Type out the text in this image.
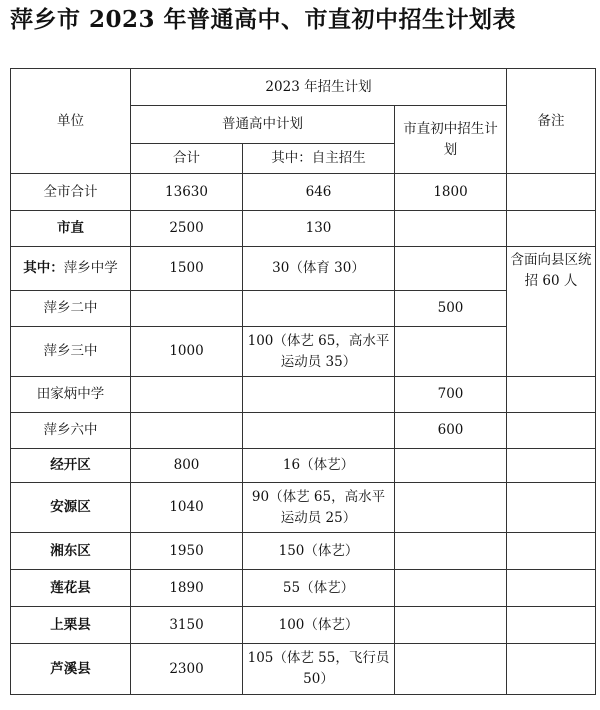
萍乡市 2023 年普通高中、市直初中招生计划表
单位	2023 年招生计划			备注
	普通高中计划		市直初中招生计划	
	合计	其中：自主招生		
全市合计	13630	646	1800	
市直	2500	130		
其中：萍乡中学	1500	30（体育 30）		含面向县区统招 60 人
萍乡二中			500	
萍乡三中	1000	100（体艺 65，高水平运动员 35）		
田家炳中学			700	
萍乡六中			600	
经开区	800	16（体艺）		
安源区	1040	90（体艺 65，高水平运动员 25）		
湘东区	1950	150（体艺）		
莲花县	1890	55（体艺）		
上栗县	3150	100（体艺）		
芦溪县	2300	105（体艺 55，飞行员 50）		
